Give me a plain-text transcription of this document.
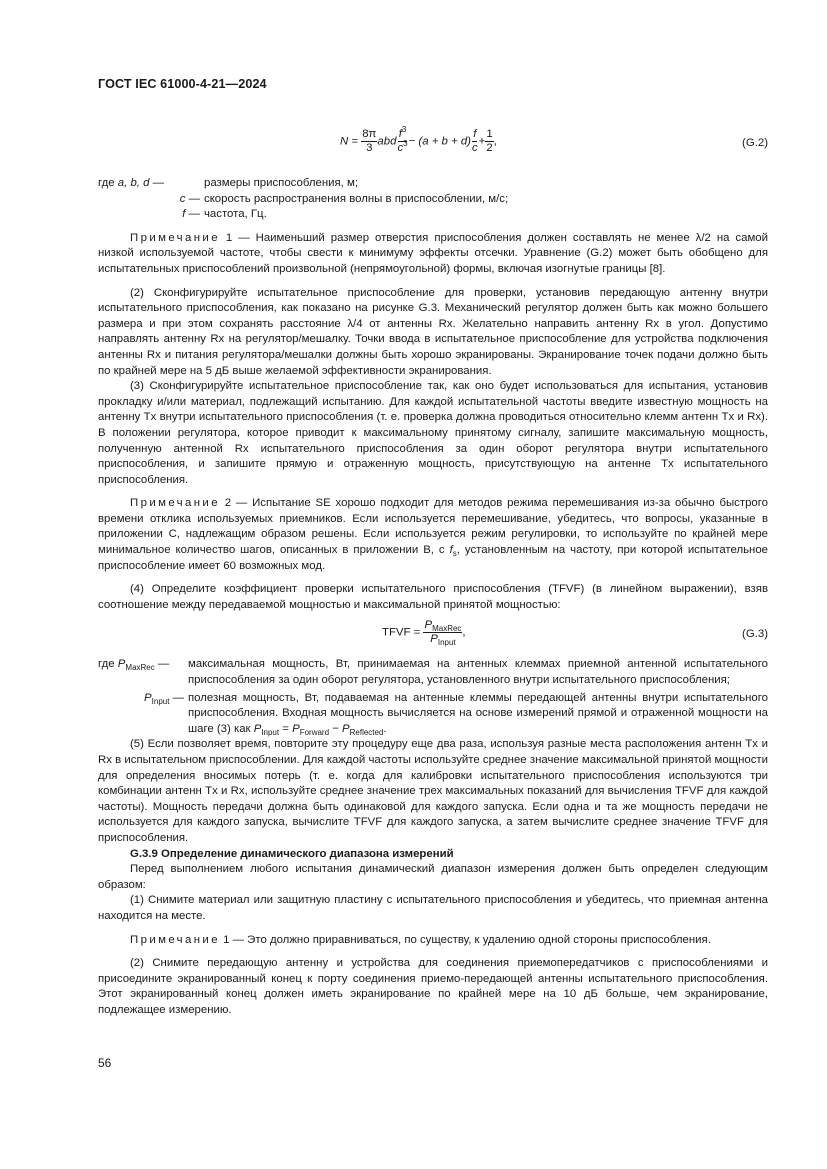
ГОСТ IEC 61000-4-21—2024
$N = \frac{8\pi}{3}$ abd $\frac{f^3}{c^3} - (a + b + d) \frac{f}{c} + \frac{1}{2}$ ,	(G.2)
где a, b, d —	размеры приспособления, м;
c — скорость распространения волны в приспособлении, м/с;
f — частота, Гц.

Примечание 1 — Наименьший размер отверстия приспособления должен составлять не менее λ/2 на самой низкой используемой частоте, чтобы свести к минимуму эффекты отсечки. Уравнение (G.2) может быть обобщено для испытательных приспособлений произвольной (непрямоугольной) формы, включая изогнутые границы [8].

(2) Сконфигурируйте испытательное приспособление для проверки, установив передающую антенну внутри испытательного приспособления, как показано на рисунке G.3. Механический регулятор должен быть как можно большего размера и при этом сохранять расстояние λ/4 от антенны Rx. Желательно направить антенну Rx в угол. Допустимо направлять антенну Rx на регулятор/мешалку. Точки ввода в испытательное приспособление для устройства подключения антенны Rx и питания регулятора/мешалки должны быть хорошо экранированы. Экранирование точек подачи должно быть по крайней мере на 5 дБ выше желаемой эффективности экранирования.

(3) Сконфигурируйте испытательное приспособление так, как оно будет использоваться для испытания, установив прокладку и/или материал, подлежащий испытанию. Для каждой испытательной частоты введите известную мощность на антенну Tx внутри испытательного приспособления (т. е. проверка должна проводиться относительно клемм антенн Tx и Rx). В положении регулятора, которое приводит к максимальному принятому сигналу, запишите максимальную мощность, полученную антенной Rx испытательного приспособления за один оборот регулятора внутри испытательного приспособления, и запишите прямую и отраженную мощность, присутствующую на антенне Tx испытательного приспособления.

Примечание 2 — Испытание SE хорошо подходит для методов режима перемешивания из-за обычно быстрого времени отклика используемых приемников. Если используется перемешивание, убедитесь, что вопросы, указанные в приложении C, надлежащим образом решены. Если используется режим регулировки, то используйте по крайней мере минимальное количество шагов, описанных в приложении B, с $f_s$, установленным на частоту, при которой испытательное приспособление имеет 60 возможных мод.

(4) Определите коэффициент проверки испытательного приспособления (TFVF) (в линейном выражении), взяв соотношение между передаваемой мощностью и максимальной принятой мощностью:

TFVF = $\frac{P_{MaxRec}}{P_{Input}}$ ,	(G.3)
где $P_{MaxRec}$ —	максимальная мощность, Вт, принимаемая на антенных клеммах приемной антенной испытательного приспособления за один оборот регулятора, установленного внутри испытательного приспособления;
$P_{Input}$ — полезная мощность, Вт, подаваемая на антенные клеммы передающей антенны внутри испытательного приспособления. Входная мощность вычисляется на основе измерений прямой и отраженной мощности на шаге (3) как $P_{Input} = P_{Forward} - P_{Reflected}$.

(5) Если позволяет время, повторите эту процедуру еще два раза, используя разные места расположения антенн Tx и Rx в испытательном приспособлении. Для каждой частоты используйте среднее значение максимальной принятой мощности для определения вносимых потерь (т. е. когда для калибровки испытательного приспособления используются три комбинации антенн Tx и Rx, используйте среднее значение трех максимальных показаний для вычисления TFVF для каждой частоты). Мощность передачи должна быть одинаковой для каждого запуска. Если одна и та же мощность передачи не используется для каждого запуска, вычислите TFVF для каждого запуска, а затем вычислите среднее значение TFVF для приспособления.

G.3.9 Определение динамического диапазона измерений

Перед выполнением любого испытания динамический диапазон измерения должен быть определен следующим образом:

(1) Снимите материал или защитную пластину с испытательного приспособления и убедитесь, что приемная антенна находится на месте.

Примечание 1 — Это должно приравниваться, по существу, к удалению одной стороны приспособления.

(2) Снимите передающую антенну и устройства для соединения приемопередатчиков с приспособлениями и присоедините экранированный конец к порту соединения приемо-передающей антенны испытательного приспособления. Этот экранированный конец должен иметь экранирование по крайней мере на 10 дБ больше, чем экранирование, подлежащее измерению.

56
